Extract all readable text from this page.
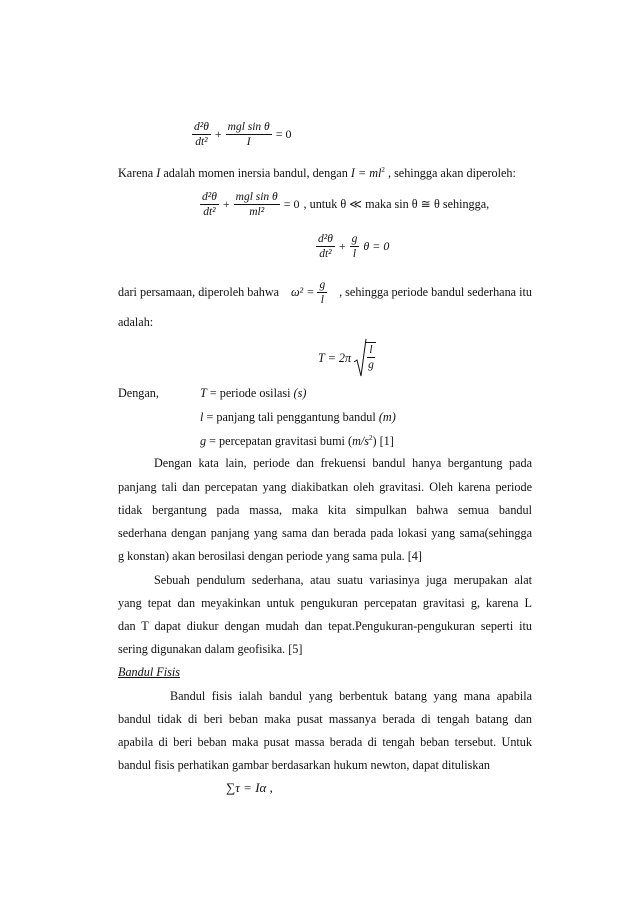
$\frac{\text{d²θ}}{\text{dt²}} + \frac{\text{mgl sin θ}}{I} = 0$
Karena I adalah momen inersia bandul, dengan $I = ml^2$ , sehingga akan diperoleh:
$\frac{\text{d²θ}}{\text{dt²}} + \frac{\text{mgl sin θ}}{\text{ml²}} = 0$ , untuk θ ≪ maka sin θ ≅ θ sehingga,
$\frac{\text{d²θ}}{\text{dt²}} + \frac{g}{l}$ θ = 0
dari persamaan, diperoleh bahwa $\omega^2 = \frac{g}{l}$ , sehingga periode bandul sederhana itu
adalah:
$T = 2\pi \frac{l}{g}$
Dengan,	T = periode osilasi (s)
l = panjang tali penggantung bandul (m)
g = percepatan gravitasi bumi $(m/s^2)$ [1]
Dengan kata lain, periode dan frekuensi bandul hanya bergantung pada
panjang tali dan percepatan yang diakibatkan oleh gravitasi. Oleh karena periode
tidak bergantung pada massa, maka kita simpulkan bahwa semua bandul
sederhana dengan panjang yang sama dan berada pada lokasi yang sama(sehingga
g konstan) akan berosilasi dengan periode yang sama pula. [4]
Sebuah pendulum sederhana, atau suatu variasinya juga merupakan alat
yang tepat dan meyakinkan untuk pengukuran percepatan gravitasi g, karena L
dan T dapat diukur dengan mudah dan tepat.Pengukuran-pengukuran seperti itu
sering digunakan dalam geofisika. [5]
Bandul Fisis
Bandul fisis ialah bandul yang berbentuk batang yang mana apabila
bandul tidak di beri beban maka pusat massanya berada di tengah batang dan
apabila di beri beban maka pusat massa berada di tengah beban tersebut. Untuk
bandul fisis perhatikan gambar berdasarkan hukum newton, dapat dituliskan
∑τ = Iα ,
